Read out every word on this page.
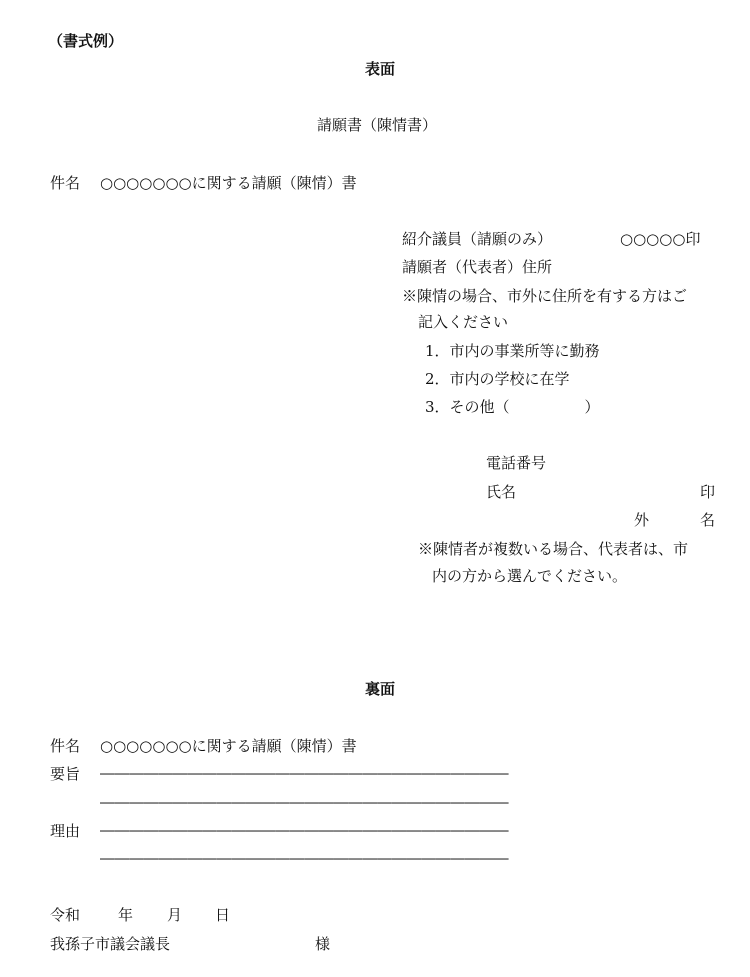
（書式例）
表面
請願書（陳情書）
件名 ○○○○○○○に関する請願（陳情）書
紹介議員（請願のみ）	○○○○○印
請願者（代表者）住所
※陳情の場合、市外に住所を有する方はご
記入ください
1．市内の事業所等に勤務
2．市内の学校に在学
3．その他（　　　　　）
電話番号
氏名	印
外	名
※陳情者が複数いる場合、代表者は、市
内の方から選んでください。
裏面
件名 ○○○○○○○に関する請願（陳情）書
要旨 ――――――――――――――――――――――――――――
――――――――――――――――――――――――――――
理由 ――――――――――――――――――――――――――――
――――――――――――――――――――――――――――
令和	年 月 日
我孫子市議会議長	様
